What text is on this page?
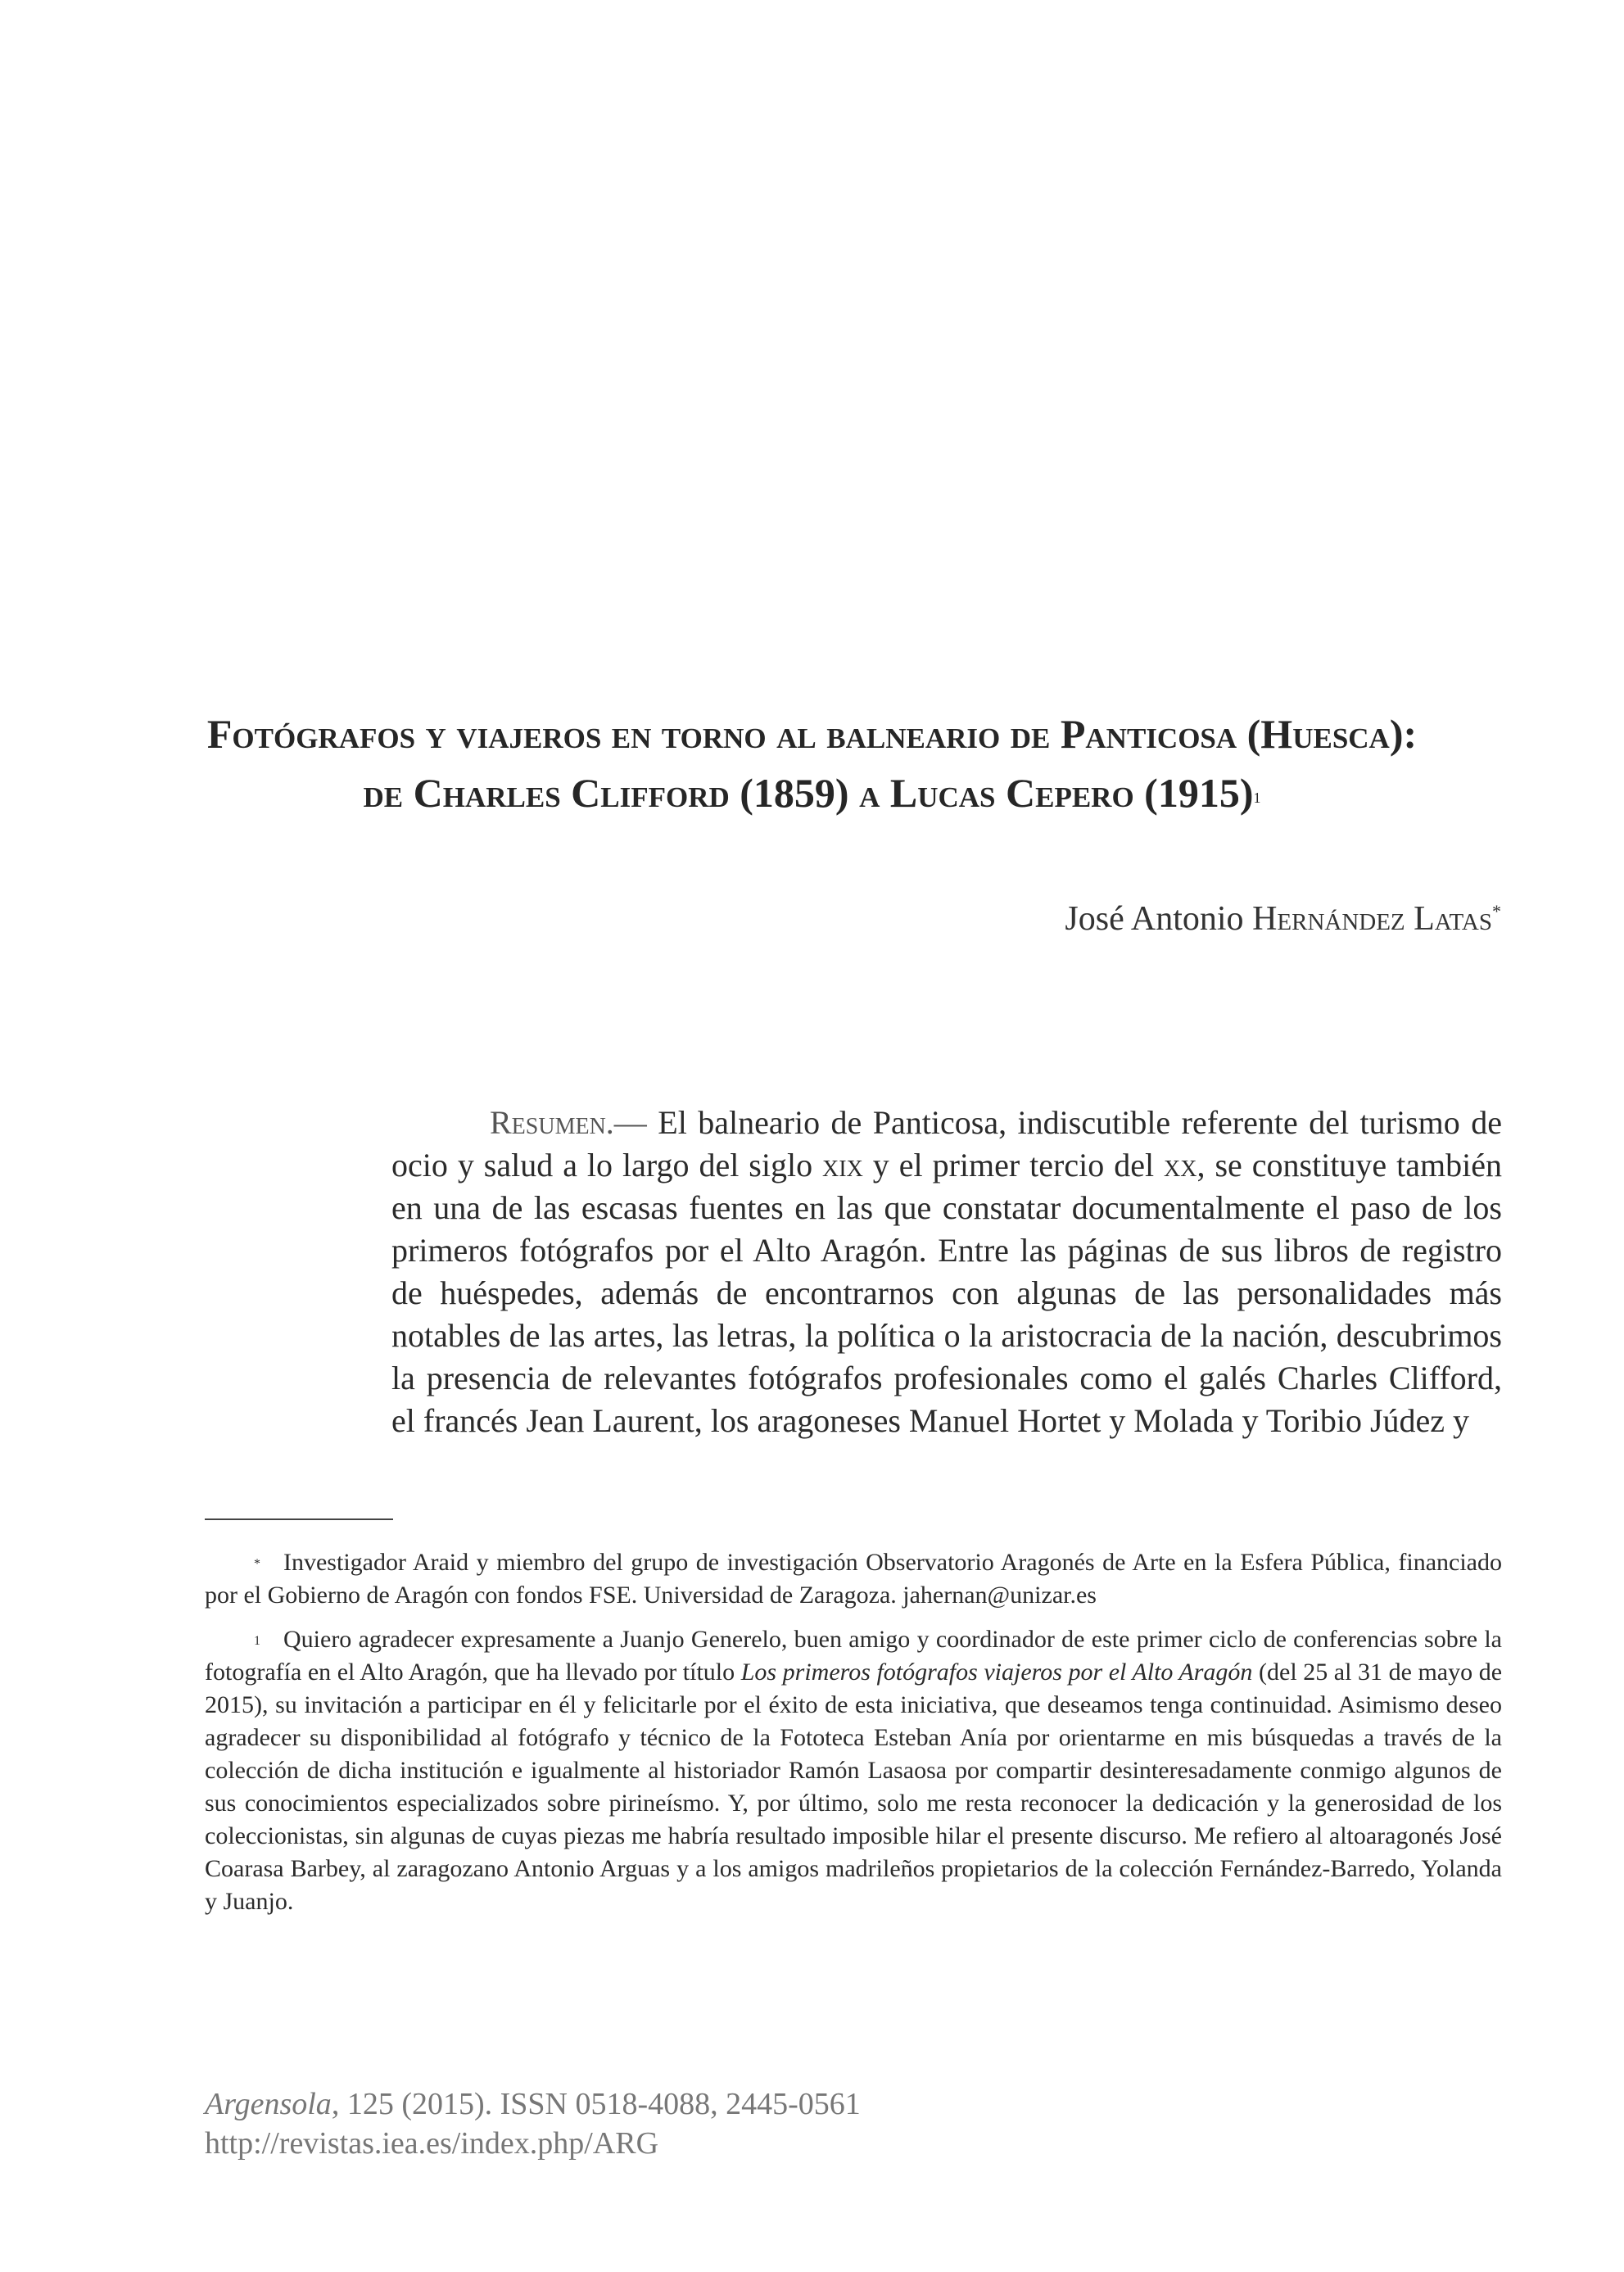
Fotógrafos y viajeros en torno al balneario de Panticosa (Huesca):
de Charles Clifford (1859) a Lucas Cepero $(1915)^1$
José Antonio Hernández Latas*
Resumen.— El balneario de Panticosa, indiscutible referente del turismo de ocio y salud a lo largo del siglo xix y el primer tercio del xx, se constituye también en una de las escasas fuentes en las que constatar documentalmente el paso de los primeros fotógrafos por el Alto Aragón. Entre las páginas de sus libros de registro de huéspedes, además de encontrarnos con algunas de las personalidades más notables de las artes, las letras, la política o la aristocracia de la nación, descubrimos la presencia de relevantes fotógrafos profesionales como el galés Charles Clifford, el francés Jean Laurent, los aragoneses Manuel Hortet y Molada y Toribio Júdez y

* Investigador Araid y miembro del grupo de investigación Observatorio Aragonés de Arte en la Esfera Pública, financiado por el Gobierno de Aragón con fondos FSE. Universidad de Zaragoza. jahernan@unizar.es

$^1$ Quiero agradecer expresamente a Juanjo Generelo, buen amigo y coordinador de este primer ciclo de conferencias sobre la fotografía en el Alto Aragón, que ha llevado por título Los primeros fotógrafos viajeros por el Alto Aragón (del 25 al 31 de mayo de 2015), su invitación a participar en él y felicitarle por el éxito de esta iniciativa, que deseamos tenga continuidad. Asimismo deseo agradecer su disponibilidad al fotógrafo y técnico de la Fototeca Esteban Anía por orientarme en mis búsquedas a través de la colección de dicha institución e igualmente al historiador Ramón Lasaosa por compartir desinteresadamente conmigo algunos de sus conocimientos especializados sobre pirineísmo. Y, por último, solo me resta reconocer la dedicación y la generosidad de los coleccionistas, sin algunas de cuyas piezas me habría resultado imposible hilar el presente discurso. Me refiero al altoaragonés José Coarasa Barbey, al zaragozano Antonio Arguas y a los amigos madrileños propietarios de la colección Fernández-Barredo, Yolanda y Juanjo.

Argensola, 125 (2015). ISSN 0518-4088, 2445-0561
http://revistas.iea.es/index.php/ARG
